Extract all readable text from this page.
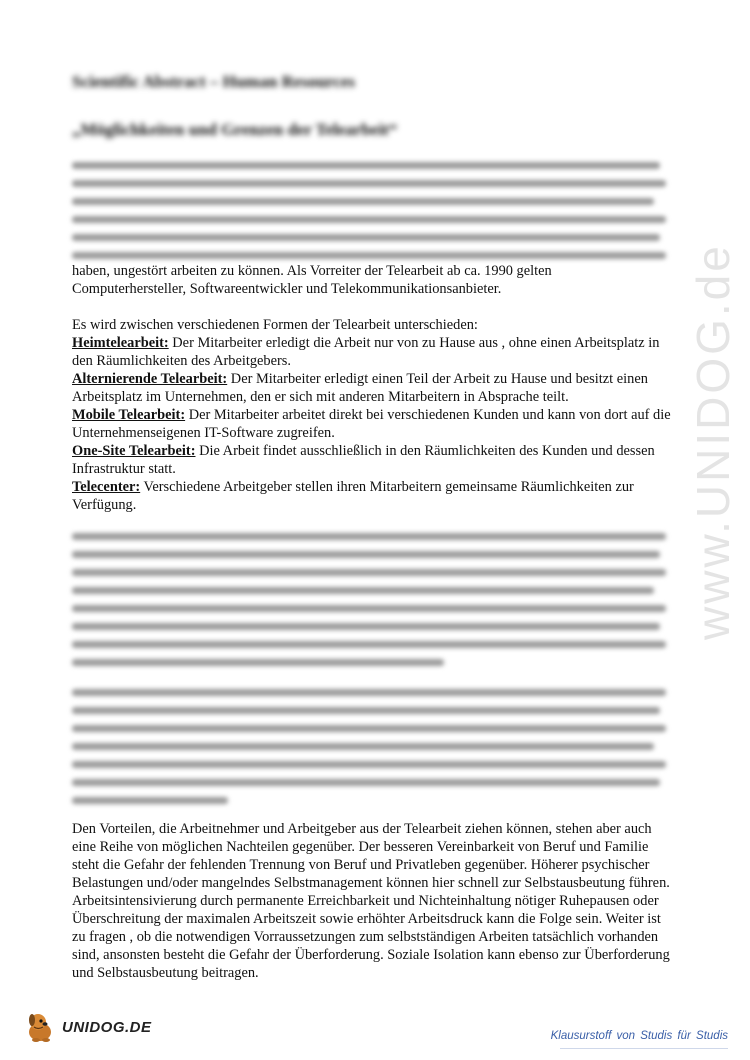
Scientific Abstract – Human Resources
„Möglichkeiten und Grenzen der Telearbeit“

haben, ungestört arbeiten zu können. Als Vorreiter der Telearbeit ab ca. 1990 gelten

Computerhersteller, Softwareentwickler und Telekommunikationsanbieter.

Es wird zwischen verschiedenen Formen der Telearbeit unterschieden:

Heimtelearbeit: Der Mitarbeiter erledigt die Arbeit nur von zu Hause aus , ohne einen Arbeitsplatz in den Räumlichkeiten des Arbeitgebers.

Alternierende Telearbeit: Der Mitarbeiter erledigt einen Teil der Arbeit zu Hause und besitzt einen Arbeitsplatz im Unternehmen, den er sich mit anderen Mitarbeitern in Absprache teilt.

Mobile Telearbeit: Der Mitarbeiter arbeitet direkt bei verschiedenen Kunden und kann von dort auf die Unternehmenseigenen IT-Software zugreifen.

One-Site Telearbeit: Die Arbeit findet ausschließlich in den Räumlichkeiten des Kunden und dessen Infrastruktur statt.

Telecenter: Verschiedene Arbeitgeber stellen ihren Mitarbeitern gemeinsame Räumlichkeiten zur Verfügung.

Den Vorteilen, die Arbeitnehmer und Arbeitgeber aus der Telearbeit ziehen können, stehen aber auch eine Reihe von möglichen Nachteilen gegenüber. Der besseren Vereinbarkeit von Beruf und Familie steht die Gefahr der fehlenden Trennung von Beruf und Privatleben gegenüber. Höherer psychischer Belastungen und/oder mangelndes Selbstmanagement können hier schnell zur Selbstausbeutung führen. Arbeitsintensivierung durch permanente Erreichbarkeit und Nichteinhaltung nötiger Ruhepausen oder Überschreitung der maximalen Arbeitszeit sowie erhöhter Arbeitsdruck kann die Folge sein. Weiter ist zu fragen , ob die notwendigen Vorraussetzungen zum selbstständigen Arbeiten tatsächlich vorhanden sind, ansonsten besteht die Gefahr der Überforderung. Soziale Isolation kann ebenso zur Überforderung und Selbstausbeutung beitragen.

www.UNIDOG.de
UNIDOG.DE
Klausurstoff von Studis für Studis
